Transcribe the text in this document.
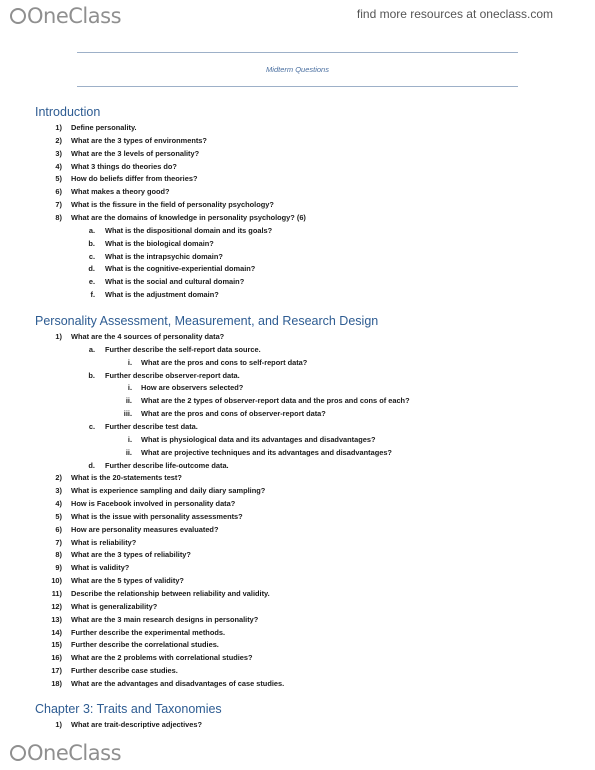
OneClass	find more resources at oneclass.com
Midterm Questions
Introduction
1) Define personality.
2) What are the 3 types of environments?
3) What are the 3 levels of personality?
4) What 3 things do theories do?
5) How do beliefs differ from theories?
6) What makes a theory good?
7) What is the fissure in the field of personality psychology?
8) What are the domains of knowledge in personality psychology? (6)
a. What is the dispositional domain and its goals?
b. What is the biological domain?
c. What is the intrapsychic domain?
d. What is the cognitive-experiential domain?
e. What is the social and cultural domain?
f. What is the adjustment domain?
Personality Assessment, Measurement, and Research Design
1) What are the 4 sources of personality data?
a. Further describe the self-report data source.
i. What are the pros and cons to self-report data?
b. Further describe observer-report data.
i. How are observers selected?
ii. What are the 2 types of observer-report data and the pros and cons of each?
iii. What are the pros and cons of observer-report data?
c. Further describe test data.
i. What is physiological data and its advantages and disadvantages?
ii. What are projective techniques and its advantages and disadvantages?
d. Further describe life-outcome data.
2) What is the 20-statements test?
3) What is experience sampling and daily diary sampling?
4) How is Facebook involved in personality data?
5) What is the issue with personality assessments?
6) How are personality measures evaluated?
7) What is reliability?
8) What are the 3 types of reliability?
9) What is validity?
10) What are the 5 types of validity?
11) Describe the relationship between reliability and validity.
12) What is generalizability?
13) What are the 3 main research designs in personality?
14) Further describe the experimental methods.
15) Further describe the correlational studies.
16) What are the 2 problems with correlational studies?
17) Further describe case studies.
18) What are the advantages and disadvantages of case studies.
Chapter 3: Traits and Taxonomies
1) What are trait-descriptive adjectives?
OneClass
